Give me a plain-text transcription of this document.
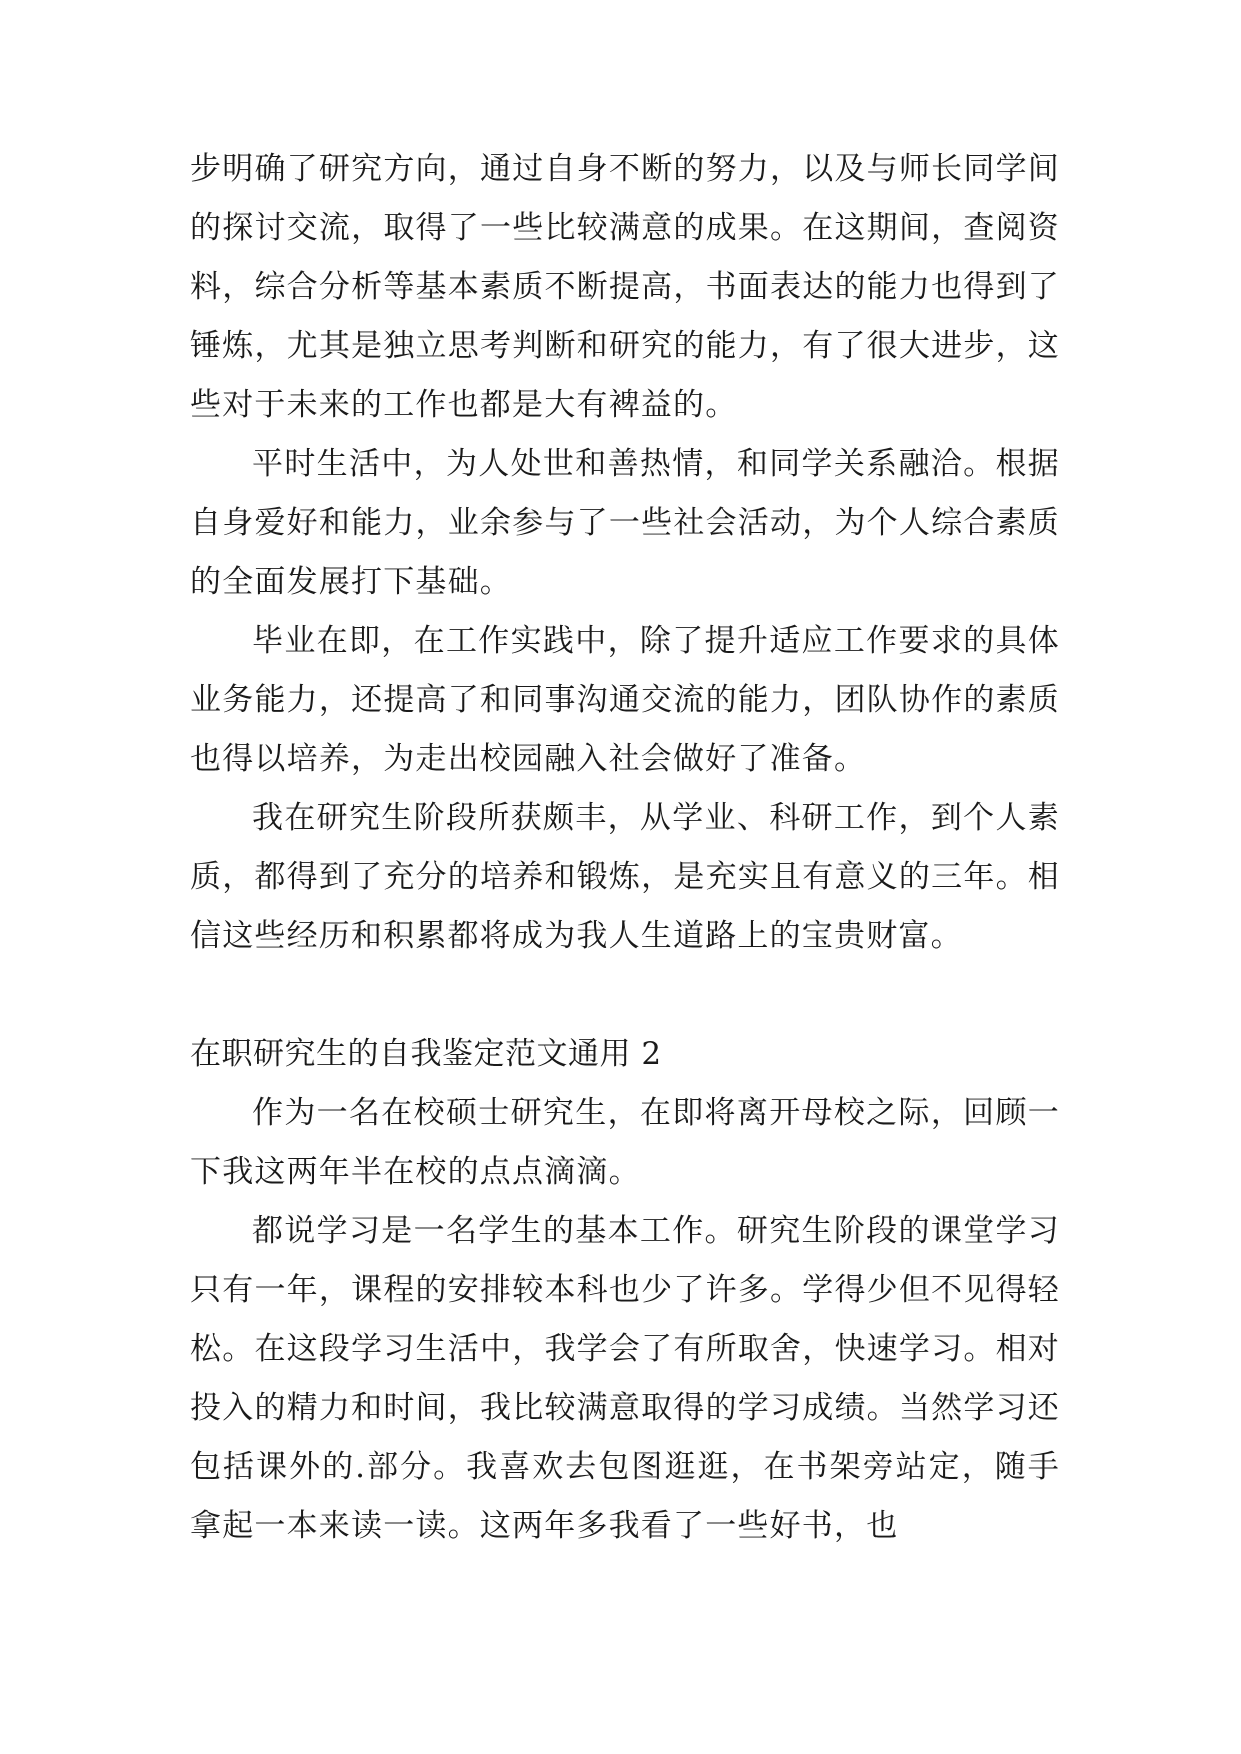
步明确了研究方向，通过自身不断的努力，以及与师长同学间的探讨交流，取得了一些比较满意的成果。在这期间，查阅资料，综合分析等基本素质不断提高，书面表达的能力也得到了锤炼，尤其是独立思考判断和研究的能力，有了很大进步，这些对于未来的工作也都是大有裨益的。

平时生活中，为人处世和善热情，和同学关系融洽。根据自身爱好和能力，业余参与了一些社会活动，为个人综合素质的全面发展打下基础。

毕业在即，在工作实践中，除了提升适应工作要求的具体业务能力，还提高了和同事沟通交流的能力，团队协作的素质也得以培养，为走出校园融入社会做好了准备。

我在研究生阶段所获颇丰，从学业、科研工作，到个人素质，都得到了充分的培养和锻炼，是充实且有意义的三年。相信这些经历和积累都将成为我人生道路上的宝贵财富。

在职研究生的自我鉴定范文通用 2

作为一名在校硕士研究生，在即将离开母校之际，回顾一下我这两年半在校的点点滴滴。

都说学习是一名学生的基本工作。研究生阶段的课堂学习只有一年，课程的安排较本科也少了许多。学得少但不见得轻松。在这段学习生活中，我学会了有所取舍，快速学习。相对投入的精力和时间，我比较满意取得的学习成绩。当然学习还包括课外的.部分。我喜欢去包图逛逛，在书架旁站定，随手拿起一本来读一读。这两年多我看了一些好书，也
